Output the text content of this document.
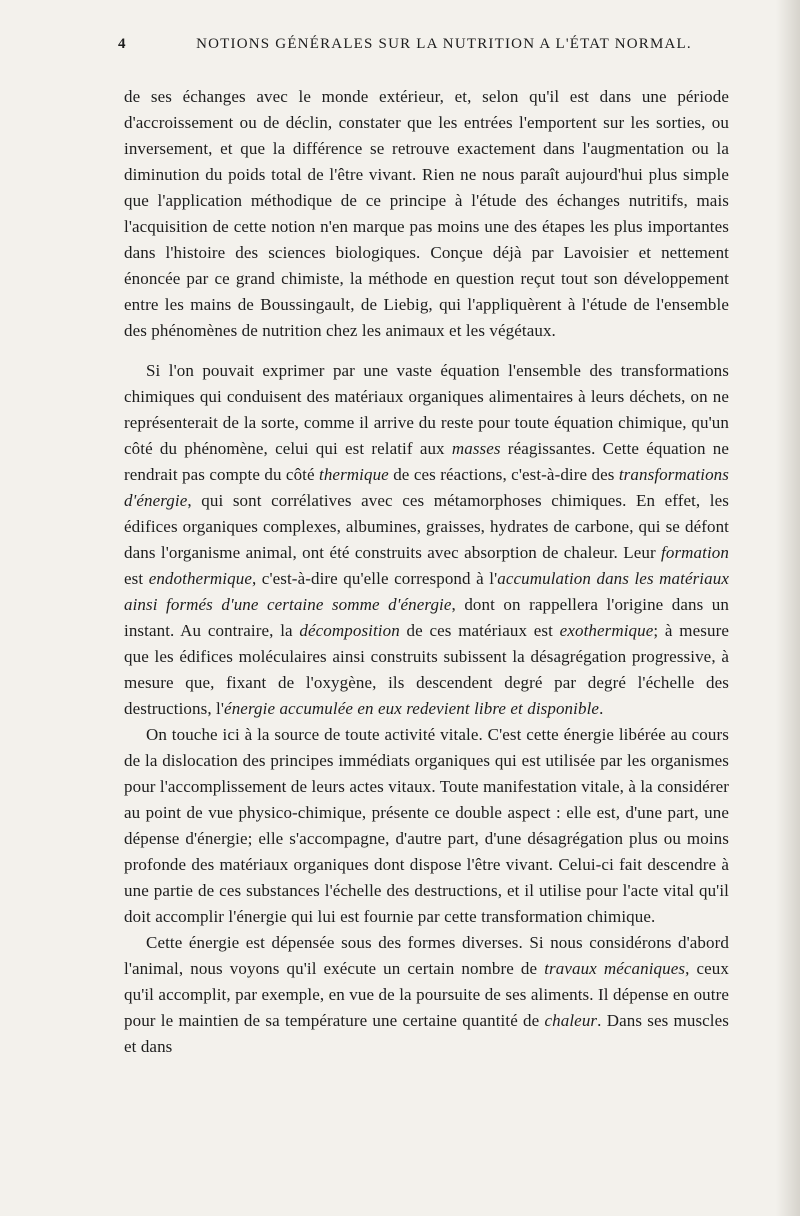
4	NOTIONS GÉNÉRALES SUR LA NUTRITION A L'ÉTAT NORMAL.

de ses échanges avec le monde extérieur, et, selon qu'il est dans une période d'accroissement ou de déclin, constater que les entrées l'emportent sur les sorties, ou inversement, et que la différence se retrouve exactement dans l'augmentation ou la diminution du poids total de l'être vivant. Rien ne nous paraît aujourd'hui plus simple que l'application méthodique de ce principe à l'étude des échanges nutritifs, mais l'acquisition de cette notion n'en marque pas moins une des étapes les plus importantes dans l'histoire des sciences biologiques. Conçue déjà par Lavoisier et nettement énoncée par ce grand chimiste, la méthode en question reçut tout son développement entre les mains de Boussingault, de Liebig, qui l'appliquèrent à l'étude de l'ensemble des phénomènes de nutrition chez les animaux et les végétaux.

Si l'on pouvait exprimer par une vaste équation l'ensemble des transformations chimiques qui conduisent des matériaux organiques alimentaires à leurs déchets, on ne représenterait de la sorte, comme il arrive du reste pour toute équation chimique, qu'un côté du phénomène, celui qui est relatif aux masses réagissantes. Cette équation ne rendrait pas compte du côté thermique de ces réactions, c'est-à-dire des transformations d'énergie, qui sont corrélatives avec ces métamorphoses chimiques. En effet, les édifices organiques complexes, albumines, graisses, hydrates de carbone, qui se défont dans l'organisme animal, ont été construits avec absorption de chaleur. Leur formation est endothermique, c'est-à-dire qu'elle correspond à l'accumulation dans les matériaux ainsi formés d'une certaine somme d'énergie, dont on rappellera l'origine dans un instant. Au contraire, la décomposition de ces matériaux est exothermique; à mesure que les édifices moléculaires ainsi construits subissent la désagrégation progressive, à mesure que, fixant de l'oxygène, ils descendent degré par degré l'échelle des destructions, l'énergie accumulée en eux redevient libre et disponible.

On touche ici à la source de toute activité vitale. C'est cette énergie libérée au cours de la dislocation des principes immédiats organiques qui est utilisée par les organismes pour l'accomplissement de leurs actes vitaux. Toute manifestation vitale, à la considérer au point de vue physico-chimique, présente ce double aspect : elle est, d'une part, une dépense d'énergie; elle s'accompagne, d'autre part, d'une désagrégation plus ou moins profonde des matériaux organiques dont dispose l'être vivant. Celui-ci fait descendre à une partie de ces substances l'échelle des destructions, et il utilise pour l'acte vital qu'il doit accomplir l'énergie qui lui est fournie par cette transformation chimique.

Cette énergie est dépensée sous des formes diverses. Si nous considérons d'abord l'animal, nous voyons qu'il exécute un certain nombre de travaux mécaniques, ceux qu'il accomplit, par exemple, en vue de la poursuite de ses aliments. Il dépense en outre pour le maintien de sa température une certaine quantité de chaleur. Dans ses muscles et dans
